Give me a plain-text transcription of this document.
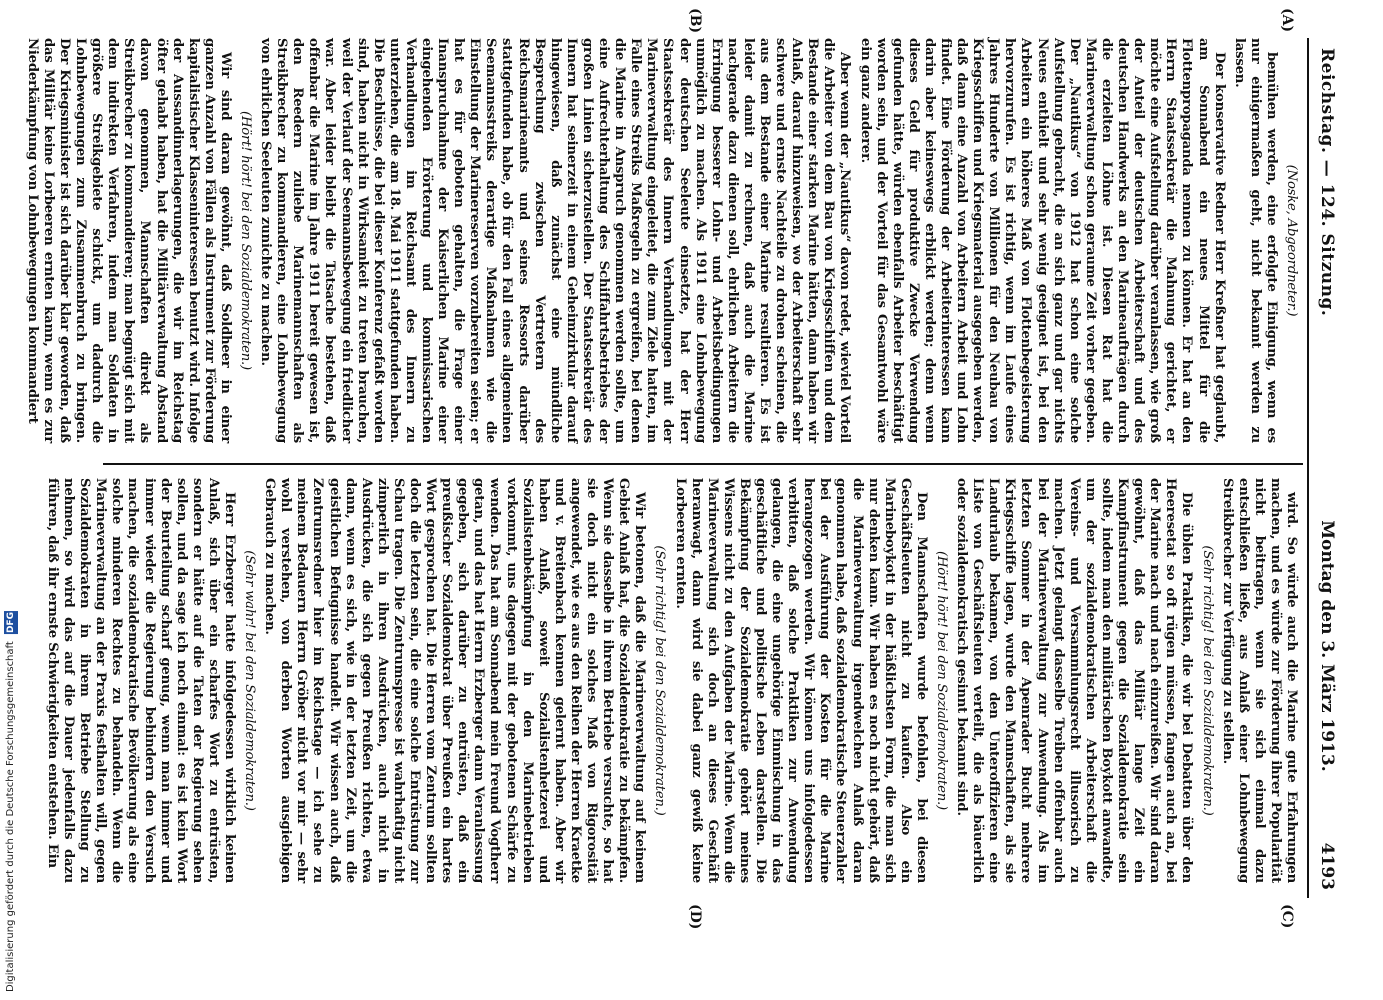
Reichstag. — 124. Sitzung.
Montag den 3. März 1913.            4193

(Noske, Abgeordneter.)

bemühen werden, eine erfolgte Einigung, wenn es nur einigermaßen geht, nicht bekannt werden zu lassen.

Der konservative Redner Herr Kreßner hat geglaubt, am Sonnabend ein neues Mittel für die Flottenpropaganda nennen zu können. Er hat an den Herrn Staatssekretär die Mahnung gerichtet, er möchte eine Aufstellung darüber veranlassen, wie groß der Anteil der deutschen Arbeiterschaft und des deutschen Handwerks an den Marineaufträgen durch die erzielten Löhne ist. Diesen Rat hat die Marineverwaltung schon geraume Zeit vorher gegeben. Der „Nautikus“ von 1912 hat schon eine solche Aufstellung gebracht, die an sich ganz und gar nichts Neues enthielt und sehr wenig geeignet ist, bei den Arbeitern ein höheres Maß von Flottenbegeisterung hervorzurufen. Es ist richtig, wenn im Laufe eines Jahres Hunderte von Millionen für den Neubau von Kriegsschiffen und Kriegsmaterial ausgegeben werden, daß dann eine Anzahl von Arbeitern Arbeit und Lohn findet. Eine Förderung der Arbeiterinteressen kann darin aber keineswegs erblickt werden; denn wenn dieses Geld für produktive Zwecke Verwendung gefunden hätte, würden ebenfalls Arbeiter beschäftigt worden sein, und der Vorteil für das Gesamtwohl wäre ein ganz anderer.

Aber wenn der „Nautikus“ davon redet, wieviel Vorteil die Arbeiter von dem Bau von Kriegsschiffen und dem Bestande einer starken Marine hätten, dann haben wir Anlaß, darauf hinzuweisen, wo der Arbeiterschaft sehr schwere und ernste Nachteile zu drohen scheinen, die aus dem Bestande einer Marine resultieren. Es ist leider damit zu rechnen, daß auch die Marine nachgerade dazu dienen soll, ehrlichen Arbeitern die Erringung besserer Lohn- und Arbeitsbedingungen unmöglich zu machen. Als 1911 eine Lohnbewegung der deutschen Seeleute einsetzte, hat der Herr Staatssekretär des Innern Verhandlungen mit der Marineverwaltung eingeleitet, die zum Ziele hatten, im Falle eines Streiks Maßregeln zu ergreifen, bei denen die Marine in Anspruch genommen werden sollte, um eine Aufrechterhaltung des Schiffahrtsbetriebes der großen Linien sicherzustellen. Der Staatssekretär des Innern hat seinerzeit in einem Geheimzirkular darauf hingewiesen, daß zunächst eine mündliche Besprechung zwischen Vertretern des Reichsmarineamts und seines Ressorts darüber stattgefunden habe, ob für den Fall eines allgemeinen Seemannsstreiks derartige Maßnahmen wie die Einstellung der Marinereserven vorzubereiten seien; er hat es für geboten gehalten, die Frage einer Inanspruchnahme der Kaiserlichen Marine einer eingehenden Erörterung und kommissarischen Verhandlungen im Reichsamt des Innern zu unterziehen, die am 18. Mai 1911 stattgefunden haben. Die Beschlüsse, die bei dieser Konferenz gefaßt worden sind, haben nicht in Wirksamkeit zu treten brauchen, weil der Verlauf der Seemannsbewegung ein friedlicher war. Aber leider bleibt die Tatsache bestehen, daß offenbar die Marine im Jahre 1911 bereit gewesen ist, den Reedern zuliebe Marinemannschaften als Streikbrecher zu kommandieren, eine Lohnbewegung von ehrlichen Seeleuten zunichte zu machen.

(Hört! hört! bei den Sozialdemokraten.)

Wir sind daran gewöhnt, daß Soldheer in einer ganzen Anzahl von Fällen als Instrument zur Förderung kapitalistischer Klasseninteressen benutzt wird. Infolge der Aussandinnerlagerungen, die wir im Reichstag öfter gehabt haben, hat die Militärverwaltung Abstand davon genommen, Mannschaften direkt als Streikbrecher zu kommandieren; man begnügt sich mit dem indirekten Verfahren, indem man Soldaten in größere Streikgebiete schickt, um dadurch die Lohnbewegungen zum Zusammenbruch zu bringen. Der Kriegsminister ist sich darüber klar geworden, daß das Militär keine Lorbeeren ernten kann, wenn es zur Niederkämpfung von Lohnbewegungen kommandiert

wird. So würde auch die Marine gute Erfahrungen machen, und es würde zur Förderung ihrer Popularität nicht beitragen, wenn sie sich einmal dazu entschließen ließe, aus Anlaß einer Lohnbewegung Streikbrecher zur Verfügung zu stellen.

(Sehr richtig! bei den Sozialdemokraten.)

Die üblen Praktiken, die wir bei Debatten über den Heeresetat so oft rügen müssen, fangen auch an, bei der Marine nach und nach einzureißen. Wir sind daran gewöhnt, daß das Militär lange Zeit ein Kampfinstrument gegen die Sozialdemokratie sein sollte, indem man den militärischen Boykott anwandte, um der sozialdemokratischen Arbeiterschaft die Vereins- und Versammlungsrecht illusorisch zu machen. Jetzt gelangt dasselbe Treiben offenbar auch bei der Marineverwaltung zur Anwendung. Als im letzten Sommer in der Apenrader Bucht mehrere Kriegsschiffe lagen, wurde den Mannschaften, als sie Landurlaub bekamen, von den Unteroffizieren eine Liste von Geschäftsleuten verteilt, die als bäuerlich oder sozialdemokratisch gesinnt bekannt sind.

(Hört! hört! bei den Sozialdemokraten.)

Den Mannschaften wurde befohlen, bei diesen Geschäftsleuten nicht zu kaufen. Also ein Marineboykott in der häßlichsten Form, die man sich nur denken kann. Wir haben es noch nicht gehört, daß die Marineverwaltung irgendwelchen Anlaß daran genommen habe, daß sozialdemokratische Steuerzahler bei der Ausführung der Kosten für die Marine herangezogen werden. Wir können uns infolgedessen verbitten, daß solche Praktiken zur Anwendung gelangen, die eine ungehörige Einmischung in das geschäftliche und politische Leben darstellen. Die Bekämpfung der Sozialdemokratie gehört meines Wissens nicht zu den Aufgaben der Marine. Wenn die Marineverwaltung sich doch an dieses Geschäft heranwagt, dann wird sie dabei ganz gewiß keine Lorbeeren ernten.

(Sehr richtig! bei den Sozialdemokraten.)

Wir betonen, daß die Marineverwaltung auf keinem Gebiet Anlaß hat, die Sozialdemokratie zu bekämpfen. Wenn sie dasselbe in ihrem Betriebe versuchte, so hat sie doch nicht ein solches Maß von Rigorosität angewendet, wie es aus den Reihen der Herren Kraetke und v. Breitenbach kennen gelernt haben. Aber wir haben Anlaß, soweit Sozialistenhetzerei und Sozialistenbekämpfung in den Marinebetrieben vorkommt, uns dagegen mit der gebotenen Schärfe zu wenden. Das hat am Sonnabend mein Freund Vogtherr getan, und das hat Herrn Erzberger dann Veranlassung gegeben, sich darüber zu entrüsten, daß ein preußischer Sozialdemokrat über Preußen ein hartes Wort gesprochen hat. Die Herren vom Zentrum sollten doch die letzten sein, die eine solche Entrüstung zur Schau tragen. Die Zentrumspresse ist wahrhaftig nicht zimperlich in ihren Ausdrücken, auch nicht in Ausdrücken, die sich gegen Preußen richten, etwa dann, wenn es sich, wie in der letzten Zeit, um die geistlichen Befugnisse handelt. Wir wissen auch, daß Zentrumsredner hier im Reichstage — ich sehe zu meinem Bedauern Herrn Gröber nicht vor mir — sehr wohl verstehen, von derben Worten ausgiebigen Gebrauch zu machen.

(Sehr wahr! bei den Sozialdemokraten.)

Herr Erzberger hatte infolgedessen wirklich keinen Anlaß, sich über ein scharfes Wort zu entrüsten, sondern er hätte auf die Taten der Regierung sehen sollen, und da sage ich noch einmal: es ist kein Wort der Beurteilung scharf genug, wenn man immer und immer wieder die Regierung behindern den Versuch machen, die sozialdemokratische Bevölkerung als eine solche minderen Rechtes zu behandeln. Wenn die Marineverwaltung an der Praxis festhalten will, gegen Sozialdemokraten in ihrem Betriebe Stellung zu nehmen, so wird das auf die Dauer jedenfalls dazu führen, daß ihr ernste Schwierigkeiten entstehen. Ein

(A)
(B)
(C)
(D)
Digitalisierung gefördert durch die Deutsche Forschungsgemeinschaft DFG
